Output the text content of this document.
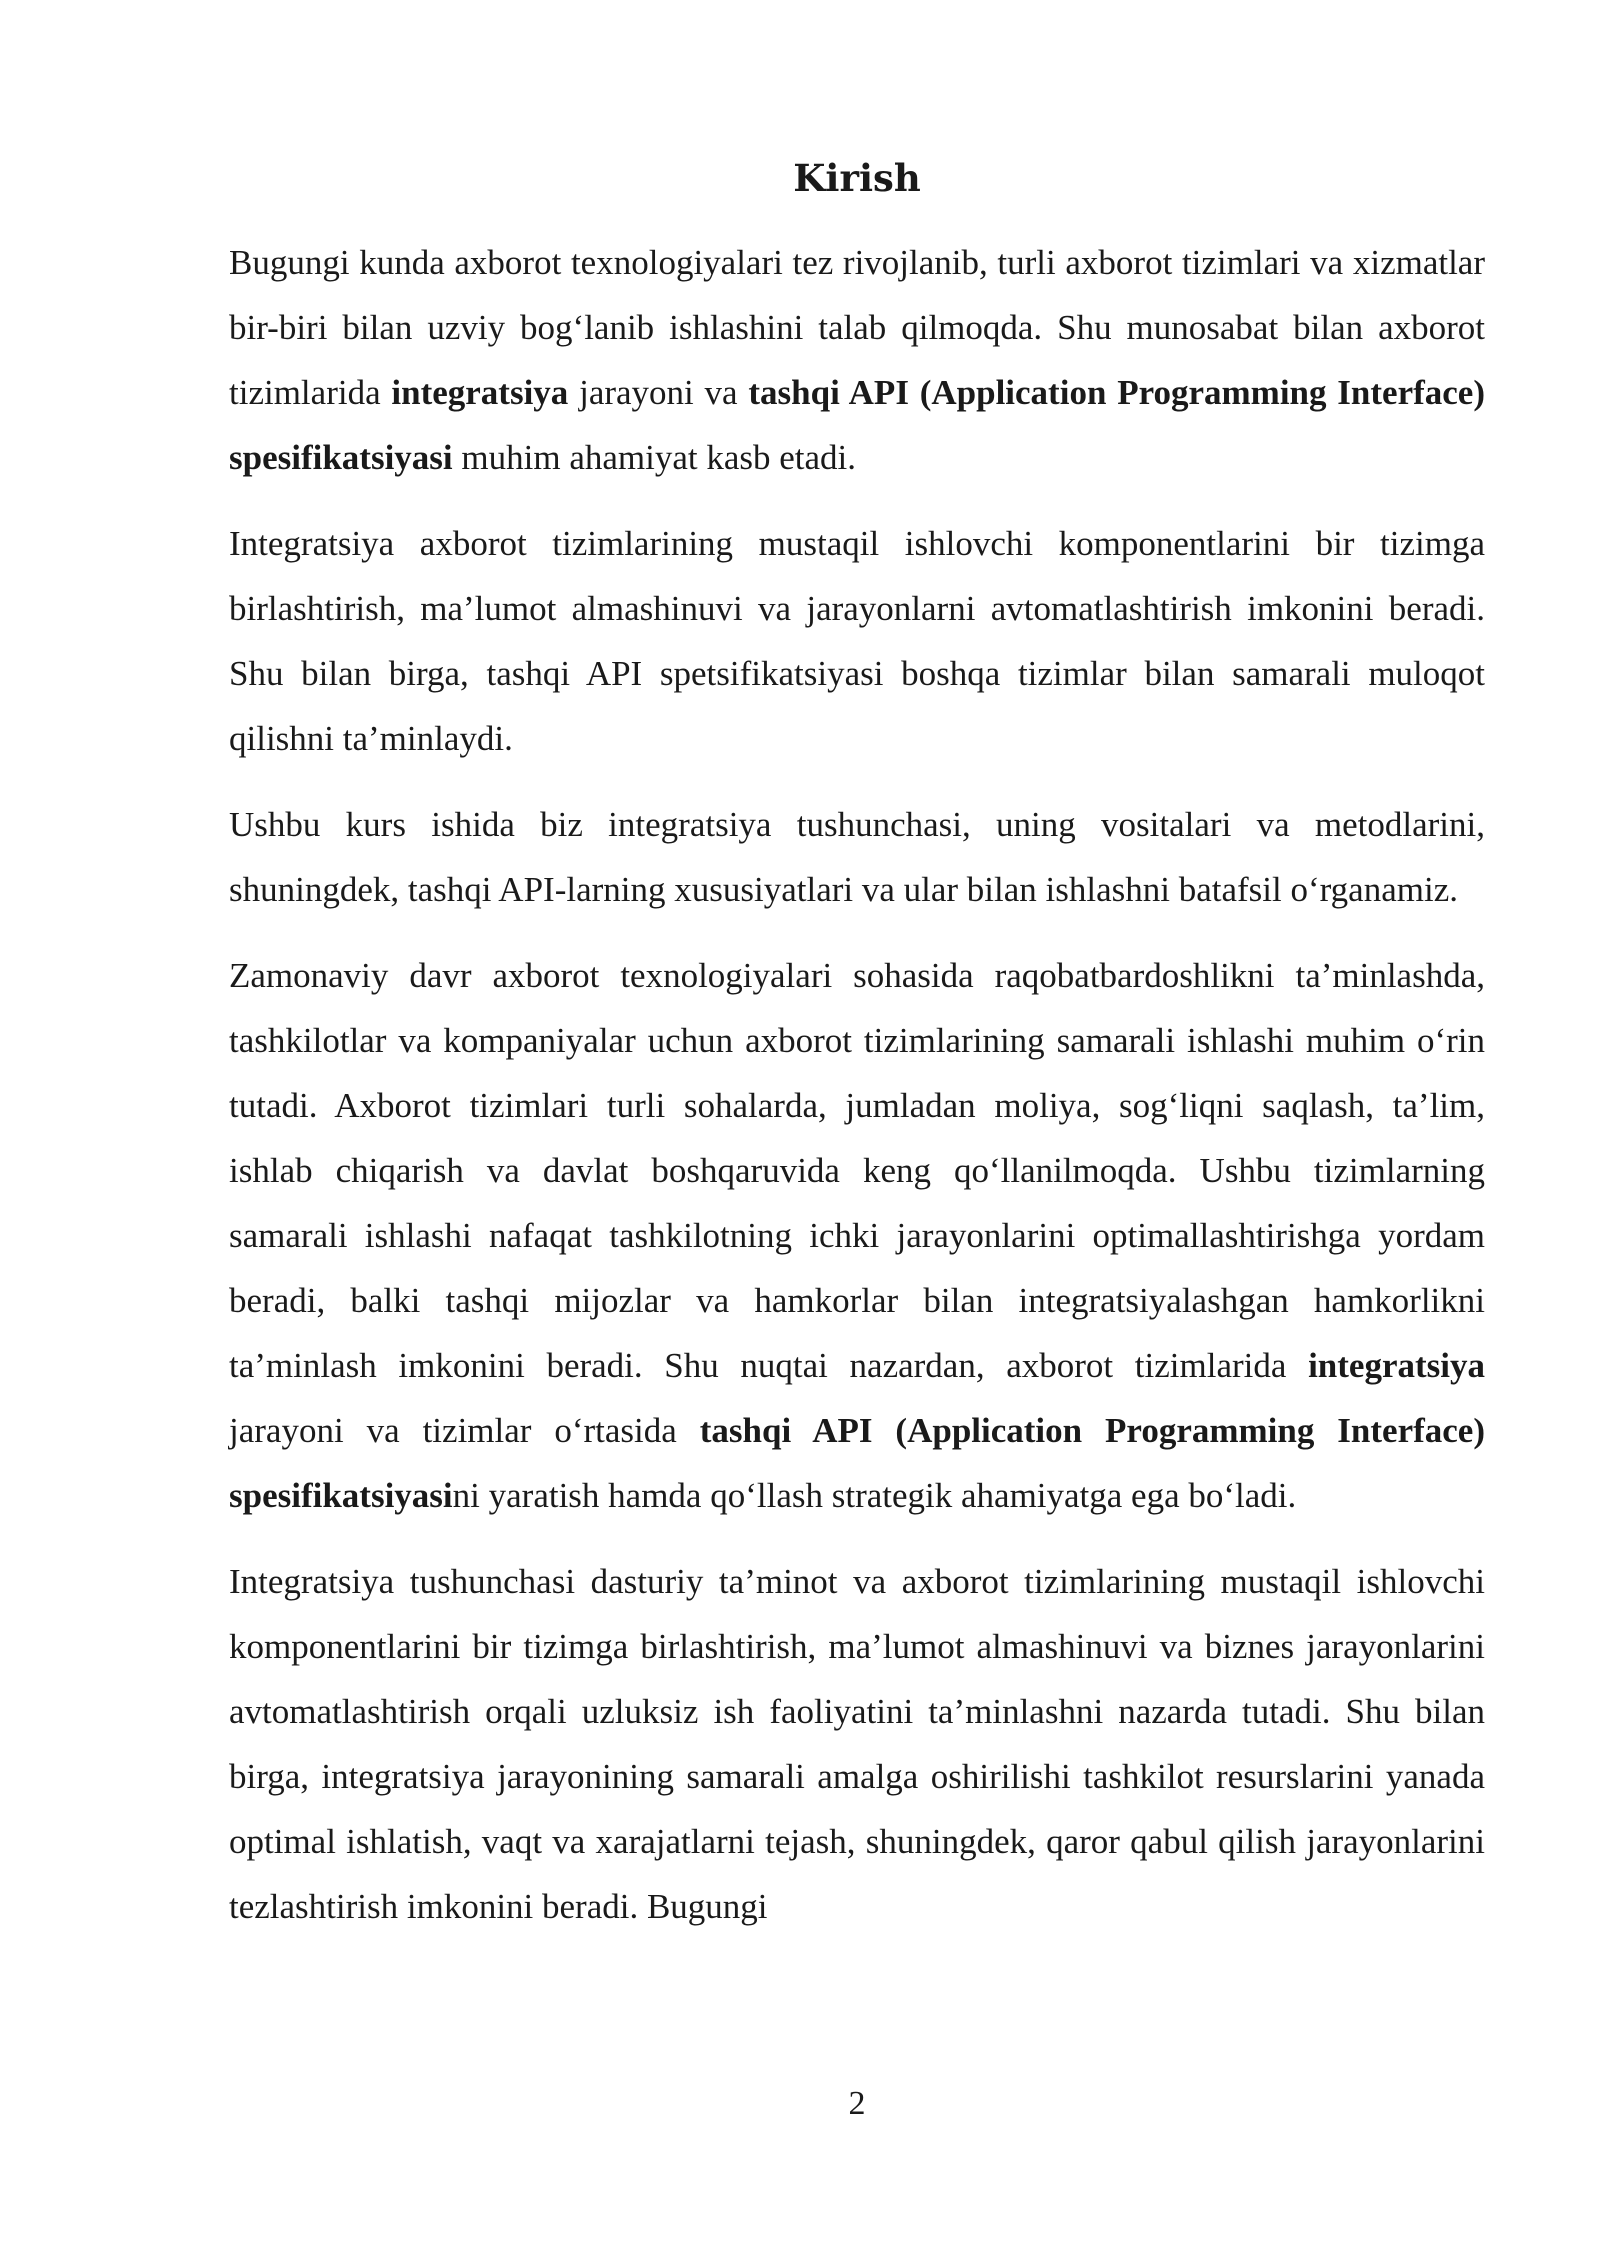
Kirish

Bugungi kunda axborot texnologiyalari tez rivojlanib, turli axborot tizimlari va xizmatlar bir-biri bilan uzviy bog‘lanib ishlashini talab qilmoqda. Shu munosabat bilan axborot tizimlarida integratsiya jarayoni va tashqi API (Application Programming Interface) spesifikatsiyasi muhim ahamiyat kasb etadi.

Integratsiya axborot tizimlarining mustaqil ishlovchi komponentlarini bir tizimga birlashtirish, ma’lumot almashinuvi va jarayonlarni avtomatlashtirish imkonini beradi. Shu bilan birga, tashqi API spetsifikatsiyasi boshqa tizimlar bilan samarali muloqot qilishni ta’minlaydi.

Ushbu kurs ishida biz integratsiya tushunchasi, uning vositalari va metodlarini, shuningdek, tashqi API-larning xususiyatlari va ular bilan ishlashni batafsil o‘rganamiz.

Zamonaviy davr axborot texnologiyalari sohasida raqobatbardoshlikni ta’minlashda, tashkilotlar va kompaniyalar uchun axborot tizimlarining samarali ishlashi muhim o‘rin tutadi. Axborot tizimlari turli sohalarda, jumladan moliya, sog‘liqni saqlash, ta’lim, ishlab chiqarish va davlat boshqaruvida keng qo‘llanilmoqda. Ushbu tizimlarning samarali ishlashi nafaqat tashkilotning ichki jarayonlarini optimallashtirishga yordam beradi, balki tashqi mijozlar va hamkorlar bilan integratsiyalashgan hamkorlikni ta’minlash imkonini beradi. Shu nuqtai nazardan, axborot tizimlarida integratsiya jarayoni va tizimlar o‘rtasida tashqi API (Application Programming Interface) spesifikatsiyasini yaratish hamda qo‘llash strategik ahamiyatga ega bo‘ladi.

Integratsiya tushunchasi dasturiy ta’minot va axborot tizimlarining mustaqil ishlovchi komponentlarini bir tizimga birlashtirish, ma’lumot almashinuvi va biznes jarayonlarini avtomatlashtirish orqali uzluksiz ish faoliyatini ta’minlashni nazarda tutadi. Shu bilan birga, integratsiya jarayonining samarali amalga oshirilishi tashkilot resurslarini yanada optimal ishlatish, vaqt va xarajatlarni tejash, shuningdek, qaror qabul qilish jarayonlarini tezlashtirish imkonini beradi. Bugungi

2
